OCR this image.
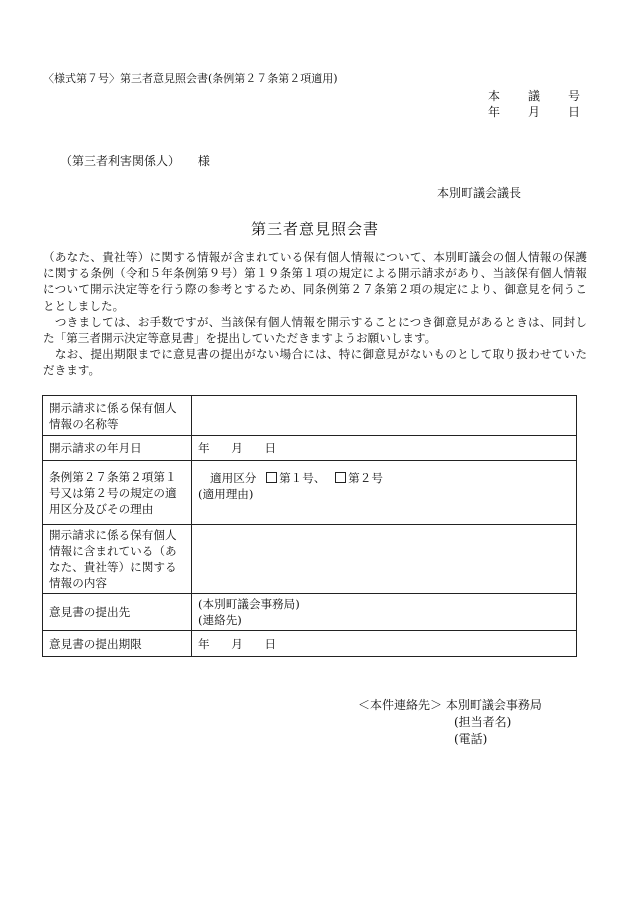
〈様式第７号〉第三者意見照会書(条例第２７条第２項適用)
本 議 号
年 月 日
（第三者利害関係人） 様
本別町議会議長
第三者意見照会書

（あなた、貴社等）に関する情報が含まれている保有個人情報について、本別町議会の個人情報の保護に関する条例（令和５年条例第９号）第１９条第１項の規定による開示請求があり、当該保有個人情報について開示決定等を行う際の参考とするため、同条例第２７条第２項の規定により、御意見を伺うこととしました。

　つきましては、お手数ですが、当該保有個人情報を開示することにつき御意見があるときは、同封した「第三者開示決定等意見書」を提出していただきますようお願いします。

　なお、提出期限までに意見書の提出がない場合には、特に御意見がないものとして取り扱わせていただきます。

開示請求に係る保有個人情報の名称等	
開示請求の年月日	年 月 日
条例第２７条第２項第１号又は第２号の規定の適用区分及びその理由	適用区分 第１号、 第２号
(適用理由)

開示請求に係る保有個人情報に含まれている（あなた、貴社等）に関する情報の内容	
意見書の提出先	(本別町議会事務局)
(連絡先)

意見書の提出期限	年 月 日
＜本件連絡先＞ 本別町議会事務局
(担当者名)
(電話)
